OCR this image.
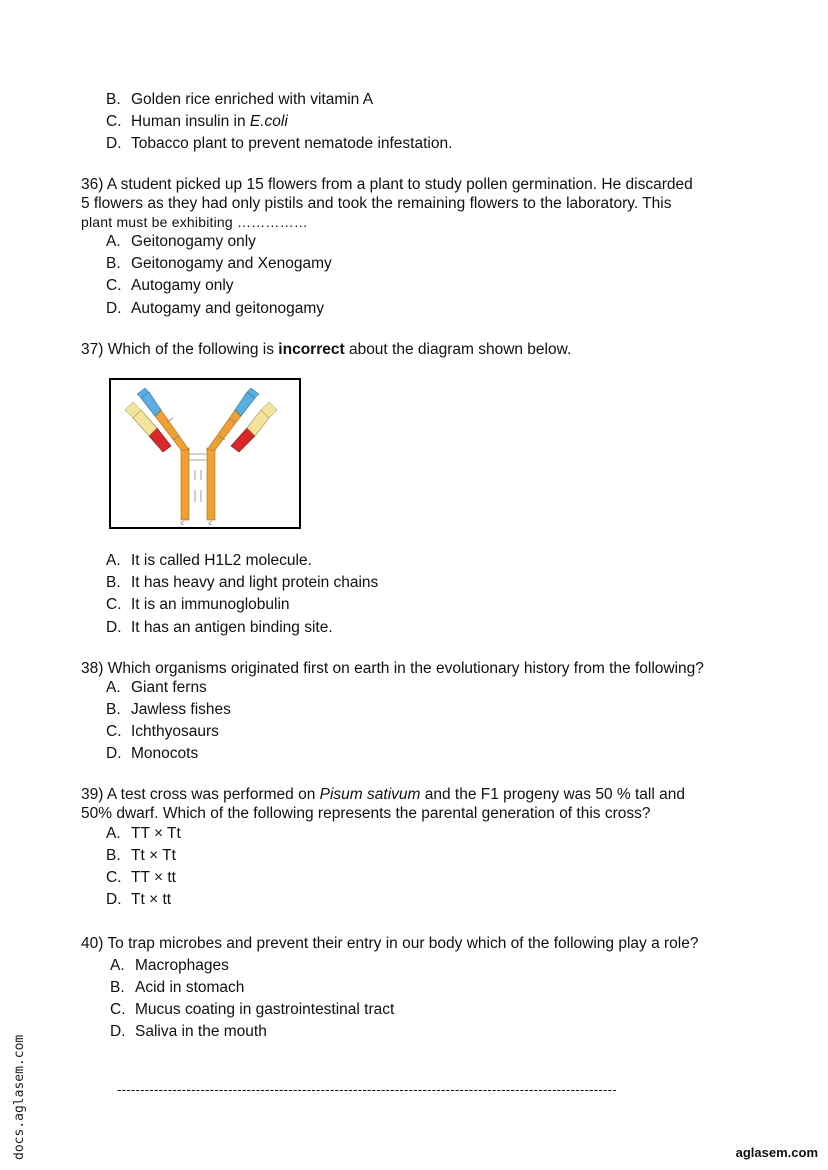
B. Golden rice enriched with vitamin A
C. Human insulin in E.coli
D. Tobacco plant to prevent nematode infestation.
36) A student picked up 15 flowers from a plant to study pollen germination. He discarded
5 flowers as they had only pistils and took the remaining flowers to the laboratory. This
plant must be exhibiting ……………
A. Geitonogamy only
B. Geitonogamy and Xenogamy
C. Autogamy only
D. Autogamy and geitonogamy
37) Which of the following is incorrect about the diagram shown below.
c	c
A. It is called H1L2 molecule.
B. It has heavy and light protein chains
C. It is an immunoglobulin
D. It has an antigen binding site.
38) Which organisms originated first on earth in the evolutionary history from the following?
A. Giant ferns
B. Jawless fishes
C. Ichthyosaurs
D. Monocots
39) A test cross was performed on Pisum sativum and the F1 progeny was 50 % tall and
50% dwarf. Which of the following represents the parental generation of this cross?
A. TT × Tt
B. Tt × Tt
C. TT × tt
D. Tt × tt
40) To trap microbes and prevent their entry in our body which of the following play a role?
A. Macrophages
B. Acid in stomach
C. Mucus coating in gastrointestinal tract
D. Saliva in the mouth
------------------------------------------------------------------------------------------------------------
docs.aglasem.com	aglasem.com
